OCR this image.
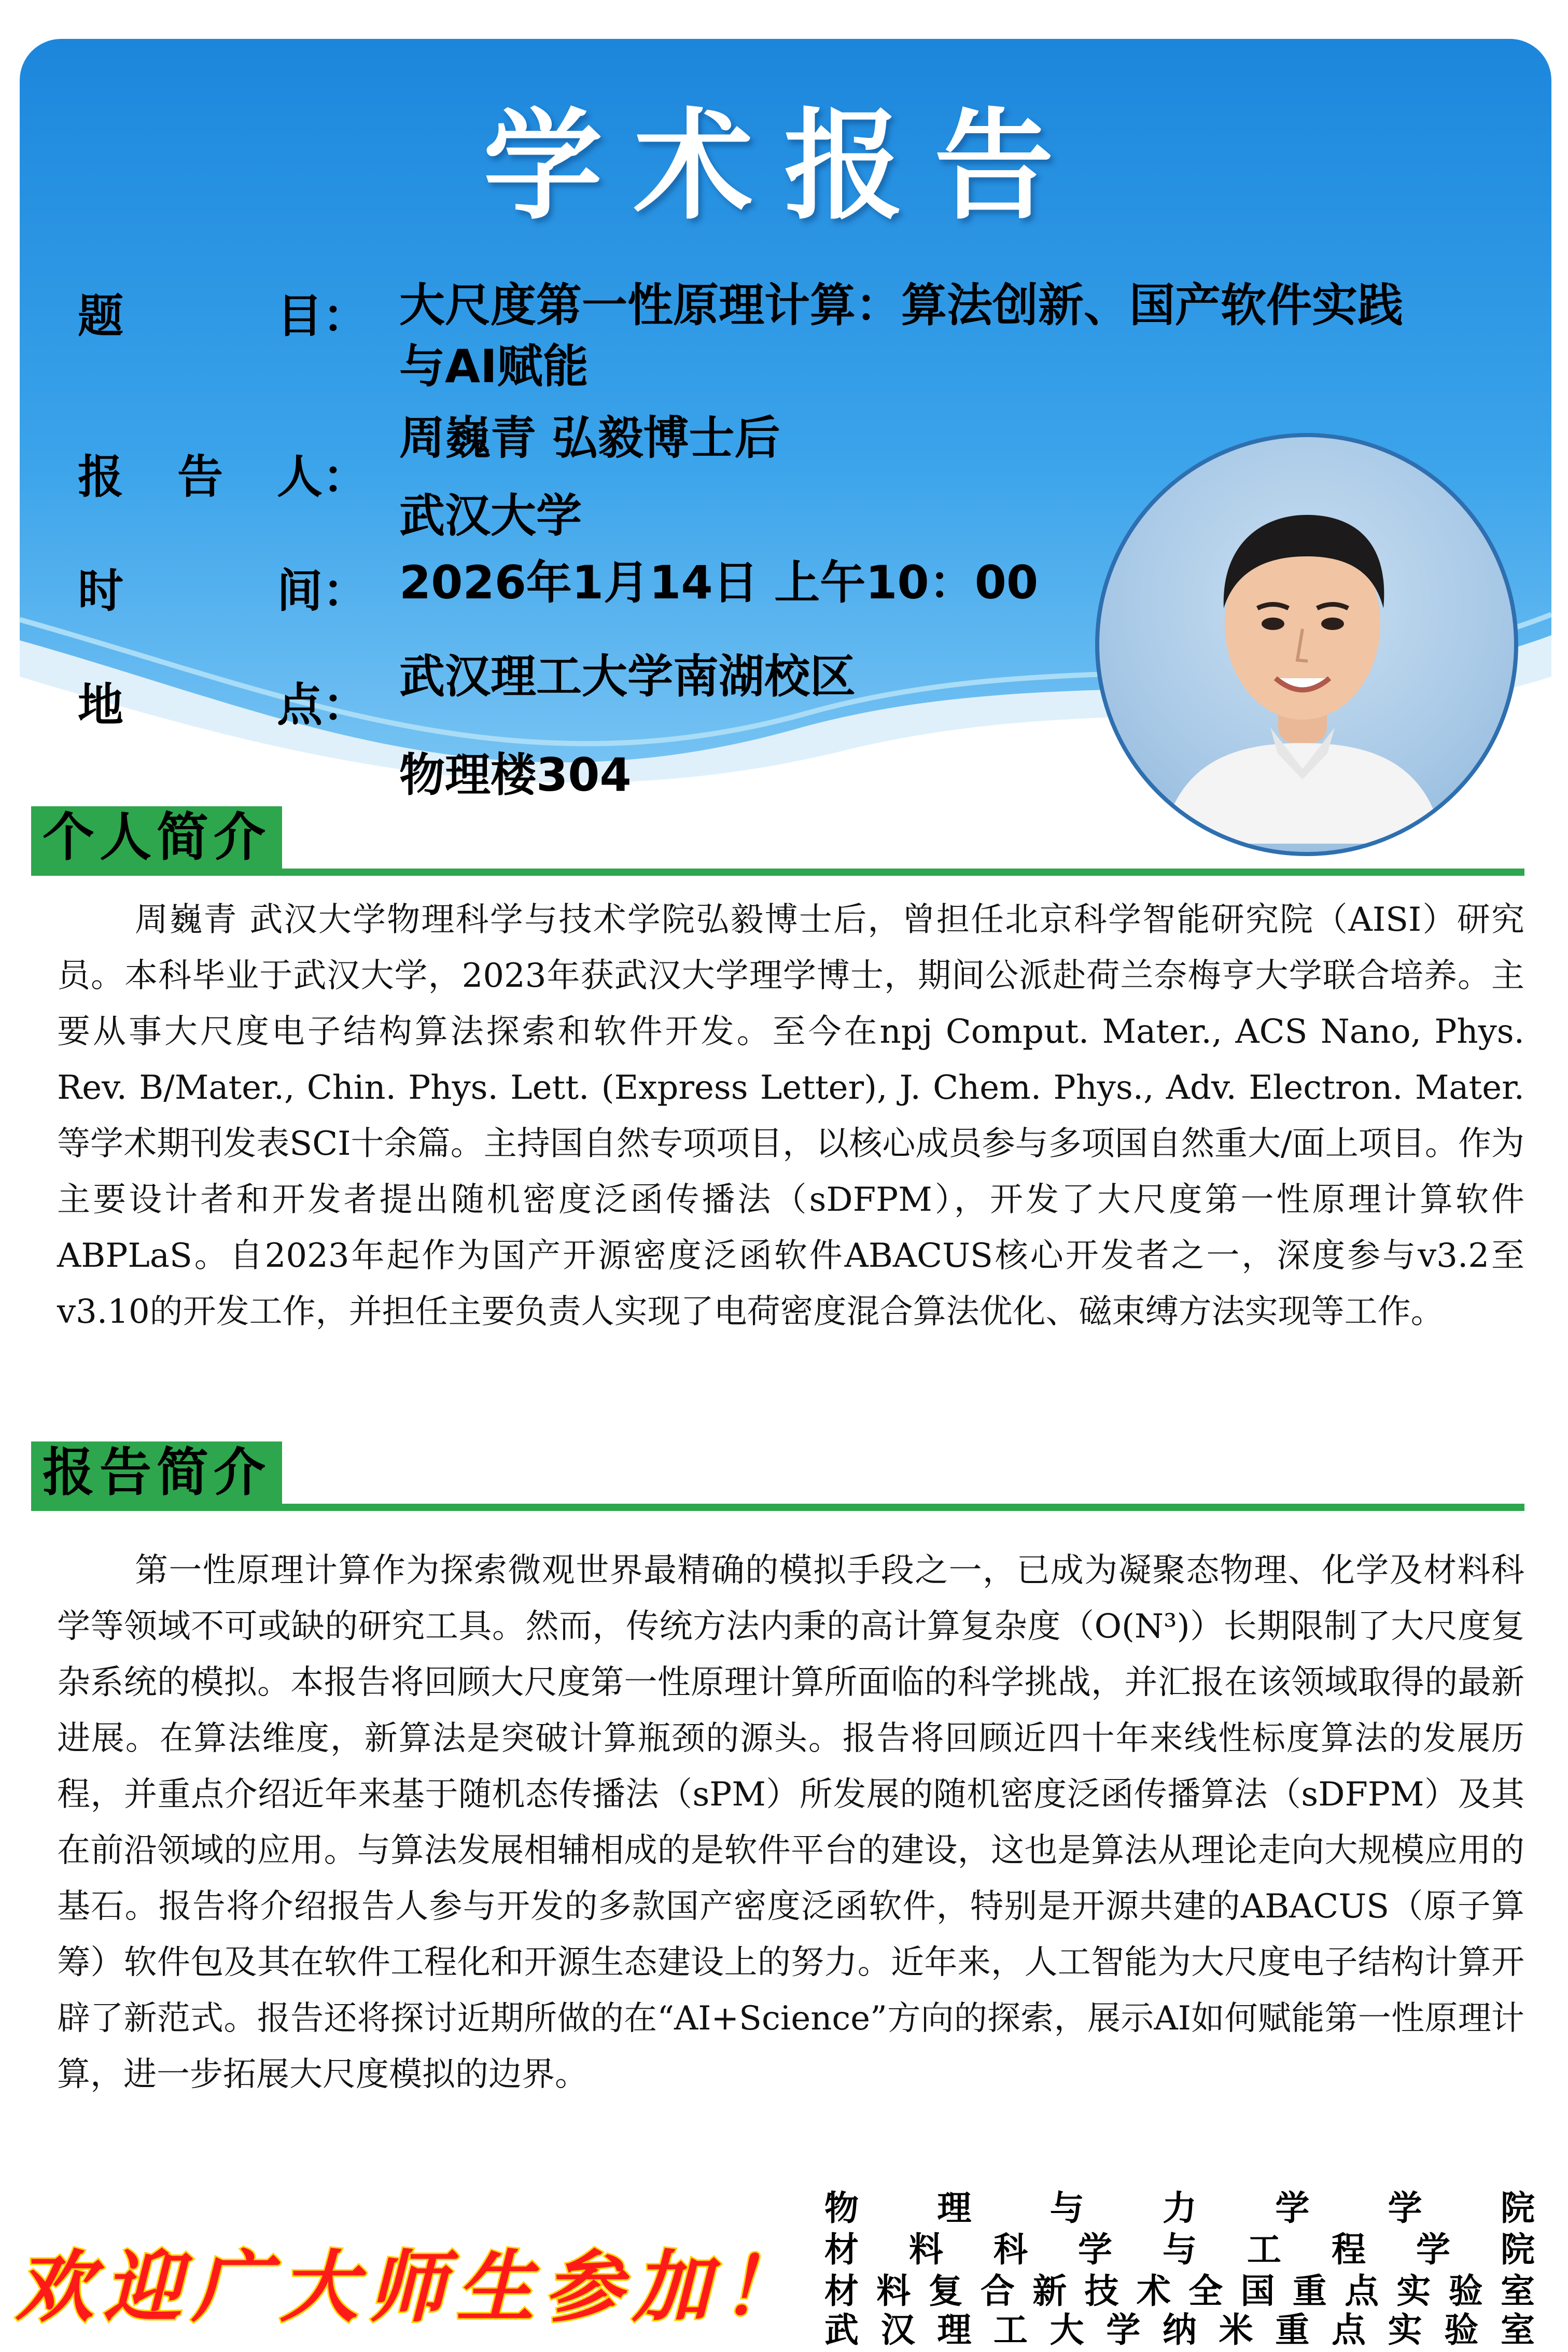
学术报告
题	目： 大尺度第一性原理计算：算法创新、国产软件实践
与AI赋能
报 告 人：
周巍青 弘毅博士后
武汉大学
时	间： 2026年1月14日 上午10：00
地	点：
武汉理工大学南湖校区
物理楼304
个人简介
周巍青 武汉大学物理科学与技术学院弘毅博士后，曾担任北京科学智能研究院（AISI）研究员。本科毕业于武汉大学，2023年获武汉大学理学博士，期间公派赴荷兰奈梅亨大学联合培养。主要从事大尺度电子结构算法探索和软件开发。至今在npj Comput. Mater., ACS Nano, Phys. Rev. B/Mater., Chin. Phys. Lett. (Express Letter), J. Chem. Phys., Adv. Electron. Mater.等学术期刊发表SCI十余篇。主持国自然专项项目，以核心成员参与多项国自然重大/面上项目。作为主要设计者和开发者提出随机密度泛函传播法（sDFPM），开发了大尺度第一性原理计算软件ABPLaS。自2023年起作为国产开源密度泛函软件ABACUS核心开发者之一，深度参与v3.2至v3.10的开发工作，并担任主要负责人实现了电荷密度混合算法优化、磁束缚方法实现等工作。
报告简介
第一性原理计算作为探索微观世界最精确的模拟手段之一，已成为凝聚态物理、化学及材料科学等领域不可或缺的研究工具。然而，传统方法内秉的高计算复杂度（O(N³)）长期限制了大尺度复杂系统的模拟。本报告将回顾大尺度第一性原理计算所面临的科学挑战，并汇报在该领域取得的最新进展。在算法维度，新算法是突破计算瓶颈的源头。报告将回顾近四十年来线性标度算法的发展历程，并重点介绍近年来基于随机态传播法（sPM）所发展的随机密度泛函传播算法（sDFPM）及其在前沿领域的应用。与算法发展相辅相成的是软件平台的建设，这也是算法从理论走向大规模应用的基石。报告将介绍报告人参与开发的多款国产密度泛函软件，特别是开源共建的ABACUS（原子算筹）软件包及其在软件工程化和开源生态建设上的努力。近年来，人工智能为大尺度电子结构计算开辟了新范式。报告还将探讨近期所做的在“AI+Science”方向的探索，展示AI如何赋能第一性原理计算，进一步拓展大尺度模拟的边界。
欢迎广大师生参加！
物理与力学学院
材料科学与工程学院
材料复合新技术全国重点实验室
武汉理工大学纳米重点实验室
